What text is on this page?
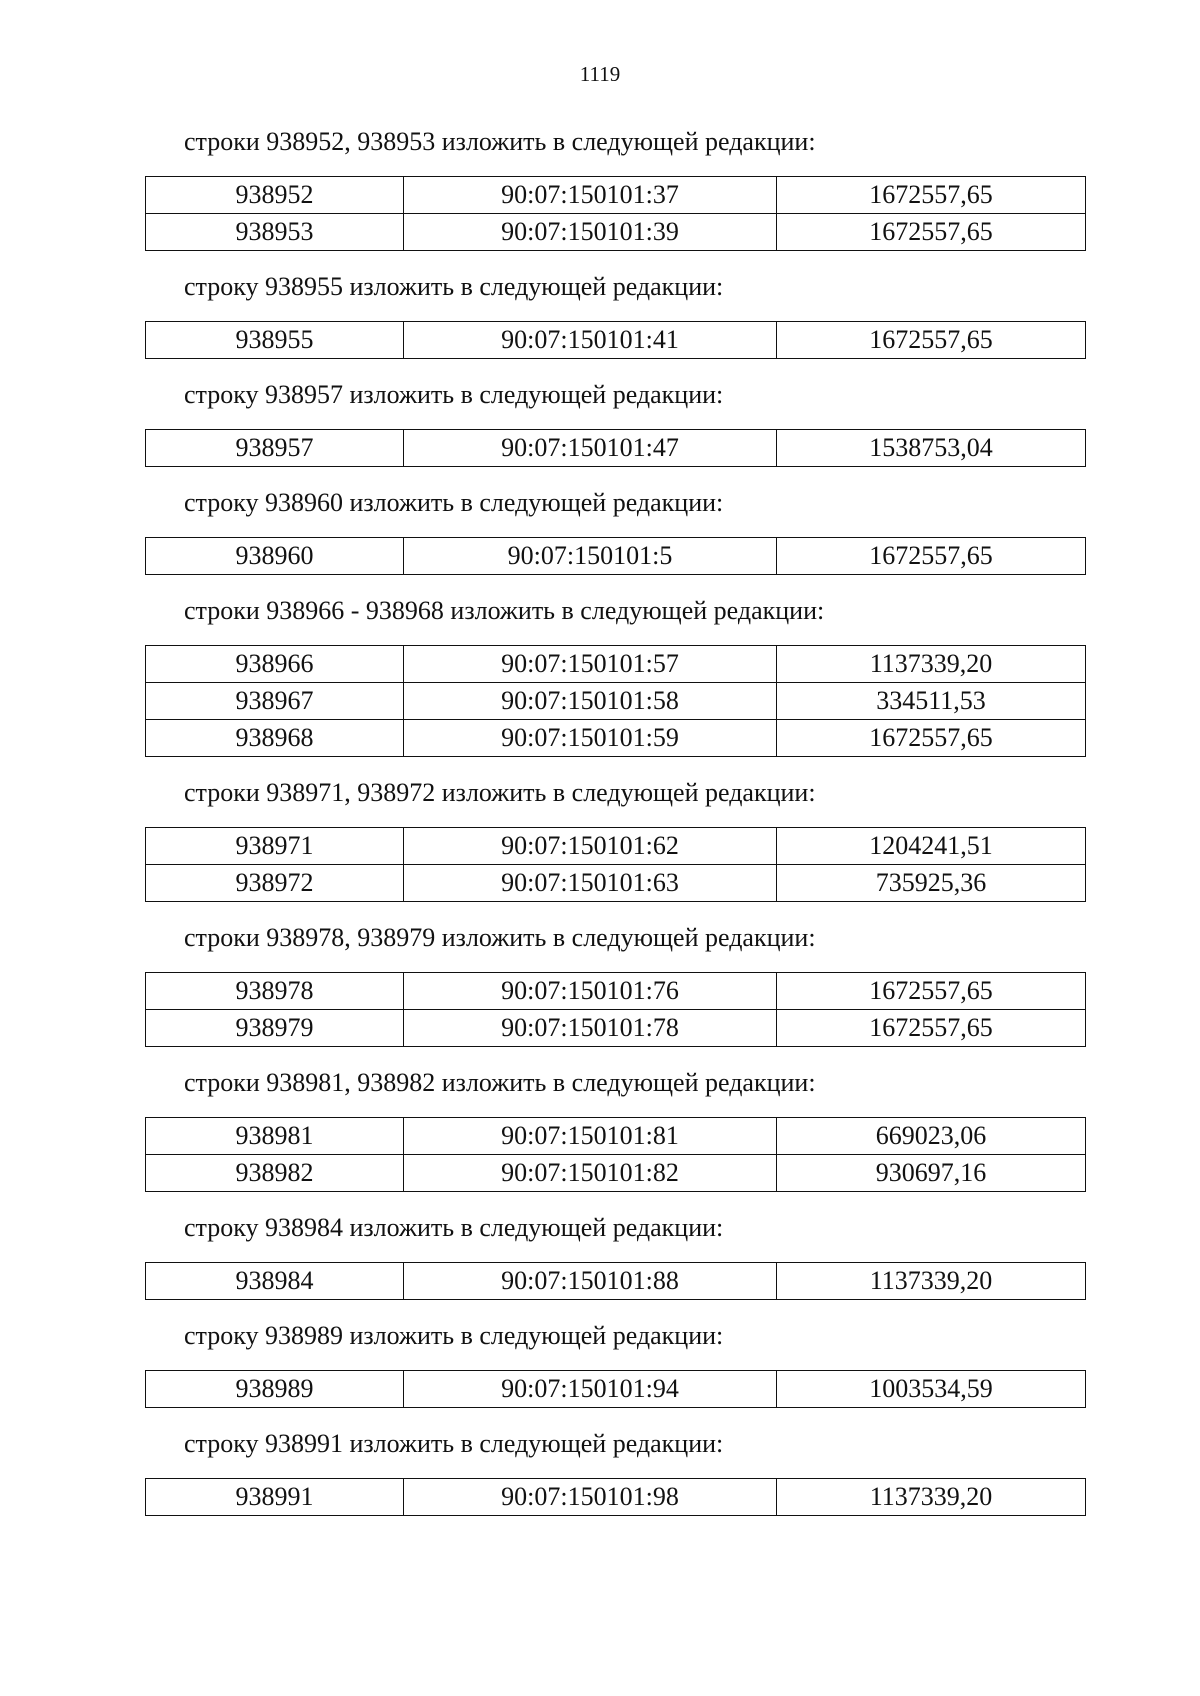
1119

строки 938952, 938953 изложить в следующей редакции:

938952	90:07:150101:37	1672557,65
938953	90:07:150101:39	1672557,65

строку 938955 изложить в следующей редакции:

938955	90:07:150101:41	1672557,65

строку 938957 изложить в следующей редакции:

938957	90:07:150101:47	1538753,04

строку 938960 изложить в следующей редакции:

938960	90:07:150101:5	1672557,65

строки 938966 - 938968 изложить в следующей редакции:

938966	90:07:150101:57	1137339,20
938967	90:07:150101:58	334511,53
938968	90:07:150101:59	1672557,65

строки 938971, 938972 изложить в следующей редакции:

938971	90:07:150101:62	1204241,51
938972	90:07:150101:63	735925,36

строки 938978, 938979 изложить в следующей редакции:

938978	90:07:150101:76	1672557,65
938979	90:07:150101:78	1672557,65

строки 938981, 938982 изложить в следующей редакции:

938981	90:07:150101:81	669023,06
938982	90:07:150101:82	930697,16

строку 938984 изложить в следующей редакции:

938984	90:07:150101:88	1137339,20

строку 938989 изложить в следующей редакции:

938989	90:07:150101:94	1003534,59

строку 938991 изложить в следующей редакции:

938991	90:07:150101:98	1137339,20
